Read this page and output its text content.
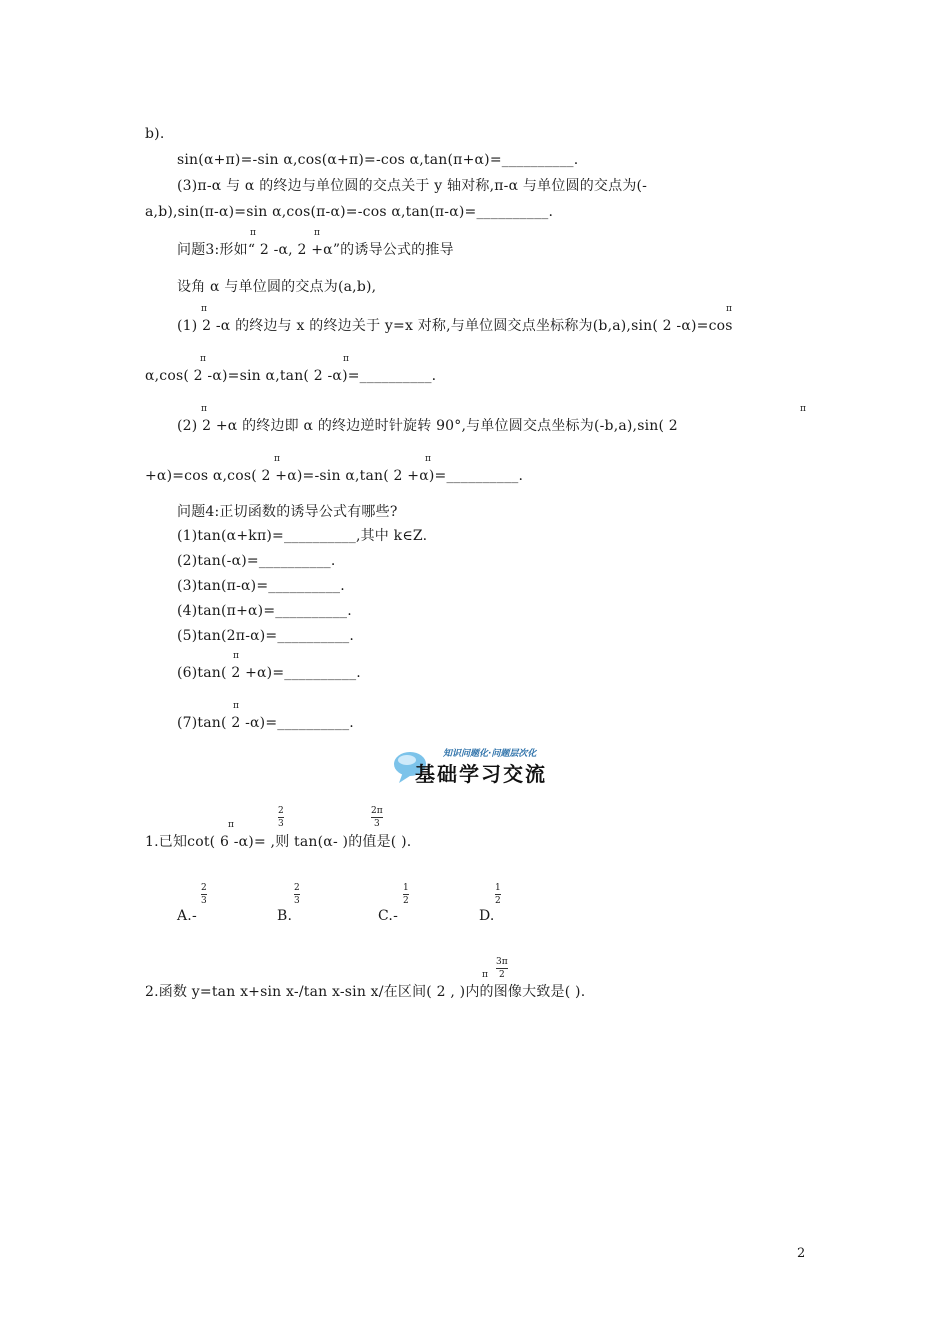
b).
sin(α+π)=-sin α,cos(α+π)=-cos α,tan(π+α)=__________.
(3)π-α 与 α 的终边与单位圆的交点关于 y 轴对称,π-α 与单位圆的交点为(-
a,b),sin(π-α)=sin α,cos(π-α)=-cos α,tan(π-α)=__________.
π	π
问题3:形如“ 2 -α, 2 +α”的诱导公式的推导
设角 α 与单位圆的交点为(a,b),
π	π
(1) 2 -α 的终边与 x 的终边关于 y=x 对称,与单位圆交点坐标称为(b,a),sin( 2 -α)=cos
π	π
α,cos( 2 -α)=sin α,tan( 2 -α)=__________.
π	π
(2) 2 +α 的终边即 α 的终边逆时针旋转 90°,与单位圆交点坐标为(-b,a),sin( 2
π	π
+α)=cos α,cos( 2 +α)=-sin α,tan( 2 +α)=__________.
问题4:正切函数的诱导公式有哪些?
(1)tan(α+kπ)=__________,其中 k∈Z.
(2)tan(-α)=__________.
(3)tan(π-α)=__________.
(4)tan(π+α)=__________.
(5)tan(2π-α)=__________.
π
(6)tan( 2 +α)=__________.
π
(7)tan( 2 -α)=__________.
知识问题化·问题层次化
基础学习交流
π
2
3
2π
3
1.已知cot( 6 -α)= ,则 tan(α- )的值是( ).
2
3
A.-
2
3
B.
1
2
C.-
1
2
D.
π
3π
2
2.函数 y=tan x+sin x-/tan x-sin x/在区间( 2 , )内的图像大致是( ).
2
